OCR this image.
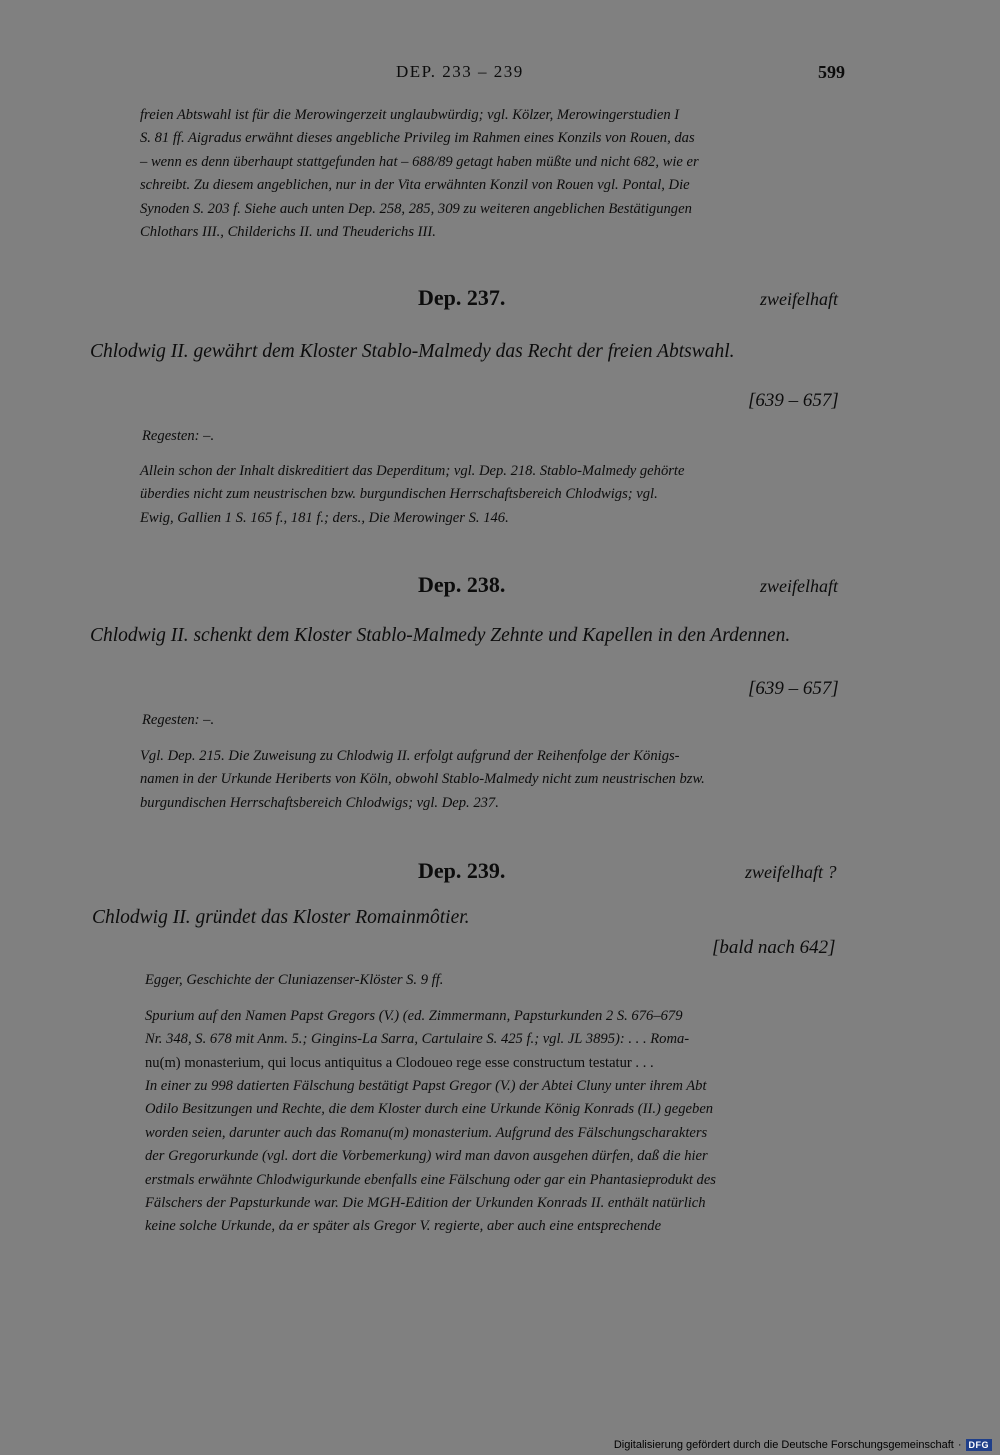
DEP. 233 – 239	599
freien Abtswahl ist für die Merowingerzeit unglaubwürdig; vgl. Kölzer, Merowingerstudien I
S. 81 ff. Aigradus erwähnt dieses angebliche Privileg im Rahmen eines Konzils von Rouen, das
– wenn es denn überhaupt stattgefunden hat – 688/89 getagt haben müßte und nicht 682, wie er
schreibt. Zu diesem angeblichen, nur in der Vita erwähnten Konzil von Rouen vgl. Pontal, Die
Synoden S. 203 f. Siehe auch unten Dep. 258, 285, 309 zu weiteren angeblichen Bestätigungen
Chlothars III., Childerichs II. und Theuderichs III.
Dep. 237.	zweifelhaft
Chlodwig II. gewährt dem Kloster Stablo-Malmedy das Recht der freien Abtswahl.
[639 – 657]
Regesten: –.
Allein schon der Inhalt diskreditiert das Deperditum; vgl. Dep. 218. Stablo-Malmedy gehörte
überdies nicht zum neustrischen bzw. burgundischen Herrschaftsbereich Chlodwigs; vgl.
Ewig, Gallien 1 S. 165 f., 181 f.; ders., Die Merowinger S. 146.
Dep. 238.	zweifelhaft
Chlodwig II. schenkt dem Kloster Stablo-Malmedy Zehnte und Kapellen in den Ardennen.
[639 – 657]
Regesten: –.
Vgl. Dep. 215. Die Zuweisung zu Chlodwig II. erfolgt aufgrund der Reihenfolge der Königs-
namen in der Urkunde Heriberts von Köln, obwohl Stablo-Malmedy nicht zum neustrischen bzw.
burgundischen Herrschaftsbereich Chlodwigs; vgl. Dep. 237.
Dep. 239.	zweifelhaft ?
Chlodwig II. gründet das Kloster Romainmôtier.
[bald nach 642]
Egger, Geschichte der Cluniazenser-Klöster S. 9 ff.
Spurium auf den Namen Papst Gregors (V.) (ed. Zimmermann, Papsturkunden 2 S. 676–679
Nr. 348, S. 678 mit Anm. 5.; Gingins-La Sarra, Cartulaire S. 425 f.; vgl. JL 3895): . . . Roma-
nu(m) monasterium, qui locus antiquitus a Clodoueo rege esse constructum testatur . . .
In einer zu 998 datierten Fälschung bestätigt Papst Gregor (V.) der Abtei Cluny unter ihrem Abt
Odilo Besitzungen und Rechte, die dem Kloster durch eine Urkunde König Konrads (II.) gegeben
worden seien, darunter auch das Romanu(m) monasterium. Aufgrund des Fälschungscharakters
der Gregorurkunde (vgl. dort die Vorbemerkung) wird man davon ausgehen dürfen, daß die hier
erstmals erwähnte Chlodwigurkunde ebenfalls eine Fälschung oder gar ein Phantasieprodukt des
Fälschers der Papsturkunde war. Die MGH-Edition der Urkunden Konrads II. enthält natürlich
keine solche Urkunde, da er später als Gregor V. regierte, aber auch eine entsprechende
Digitalisierung gefördert durch die Deutsche Forschungsgemeinschaft · DFG
